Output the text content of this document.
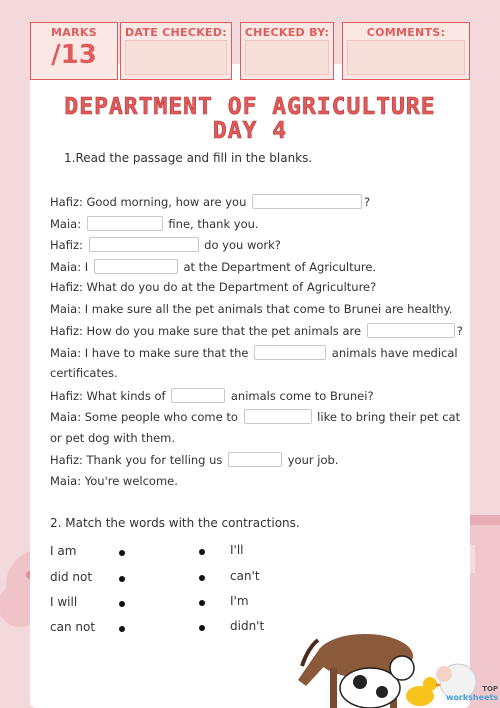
MARKS
/13
DATE CHECKED:	CHECKED BY:	COMMENTS:
DEPARTMENT OF AGRICULTURE
DAY 4
1.Read the passage and fill in the blanks.
Hafiz: Good morning, how are you	?
Maia:	fine, thank you.
Hafiz:	do you work?
Maia: I	at the Department of Agriculture.
Hafiz: What do you do at the Department of Agriculture?
Maia: I make sure all the pet animals that come to Brunei are healthy.
Hafiz: How do you make sure that the pet animals are	?
Maia: I have to make sure that the	animals have medical
certificates.
Hafiz: What kinds of	animals come to Brunei?
Maia: Some people who come to	like to bring their pet cat
or pet dog with them.
Hafiz: Thank you for telling us	your job.
Maia: You're welcome.
2. Match the words with the contractions.
I am	I'll
did not	can't
I will	I'm
can not	didn't
TOP
worksheets
